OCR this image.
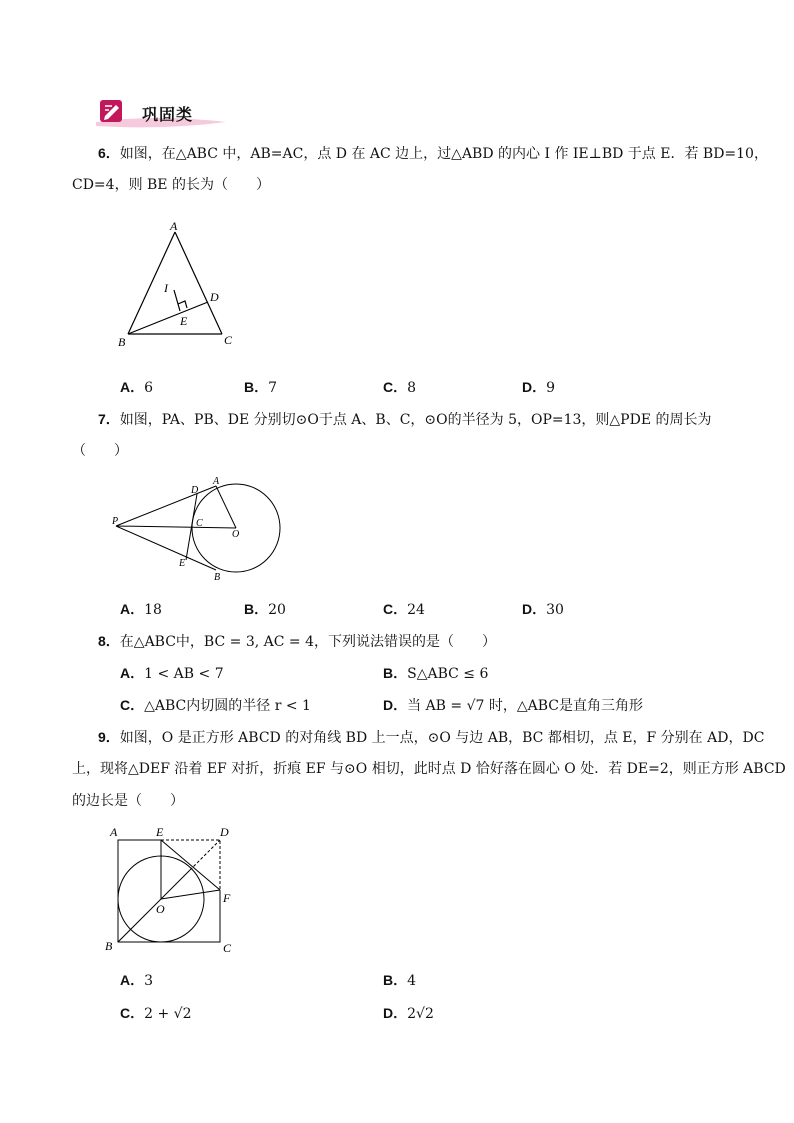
巩固类
6．如图，在△ABC 中，AB=AC，点 D 在 AC 边上，过△ABD 的内心 I 作 IE⊥BD 于点 E．若 BD=10，
CD=4，则 BE 的长为（　　）
A
B	C
D
E
I
A．6	B．7	C．8	D．9
7．如图，PA、PB、DE 分别切⊙O于点 A、B、C，⊙O的半径为 5，OP=13，则△PDE 的周长为
（　　）
P
A
D
C
O
E
B
A．18	B．20	C．24	D．30
8．在△ABC中，BC = 3, AC = 4，下列说法错误的是（　　）
A．1 < AB < 7	B．S△ABC ≤ 6
C．△ABC内切圆的半径 r < 1	D．当 AB = √7 时，△ABC是直角三角形
9．如图，O 是正方形 ABCD 的对角线 BD 上一点，⊙O 与边 AB，BC 都相切，点 E，F 分别在 AD，DC
上，现将△DEF 沿着 EF 对折，折痕 EF 与⊙O 相切，此时点 D 恰好落在圆心 O 处．若 DE=2，则正方形 ABCD
的边长是（　　）
A	E	D
F
O
B	C
A．3	B．4
C．2 + √2	D．2√2
